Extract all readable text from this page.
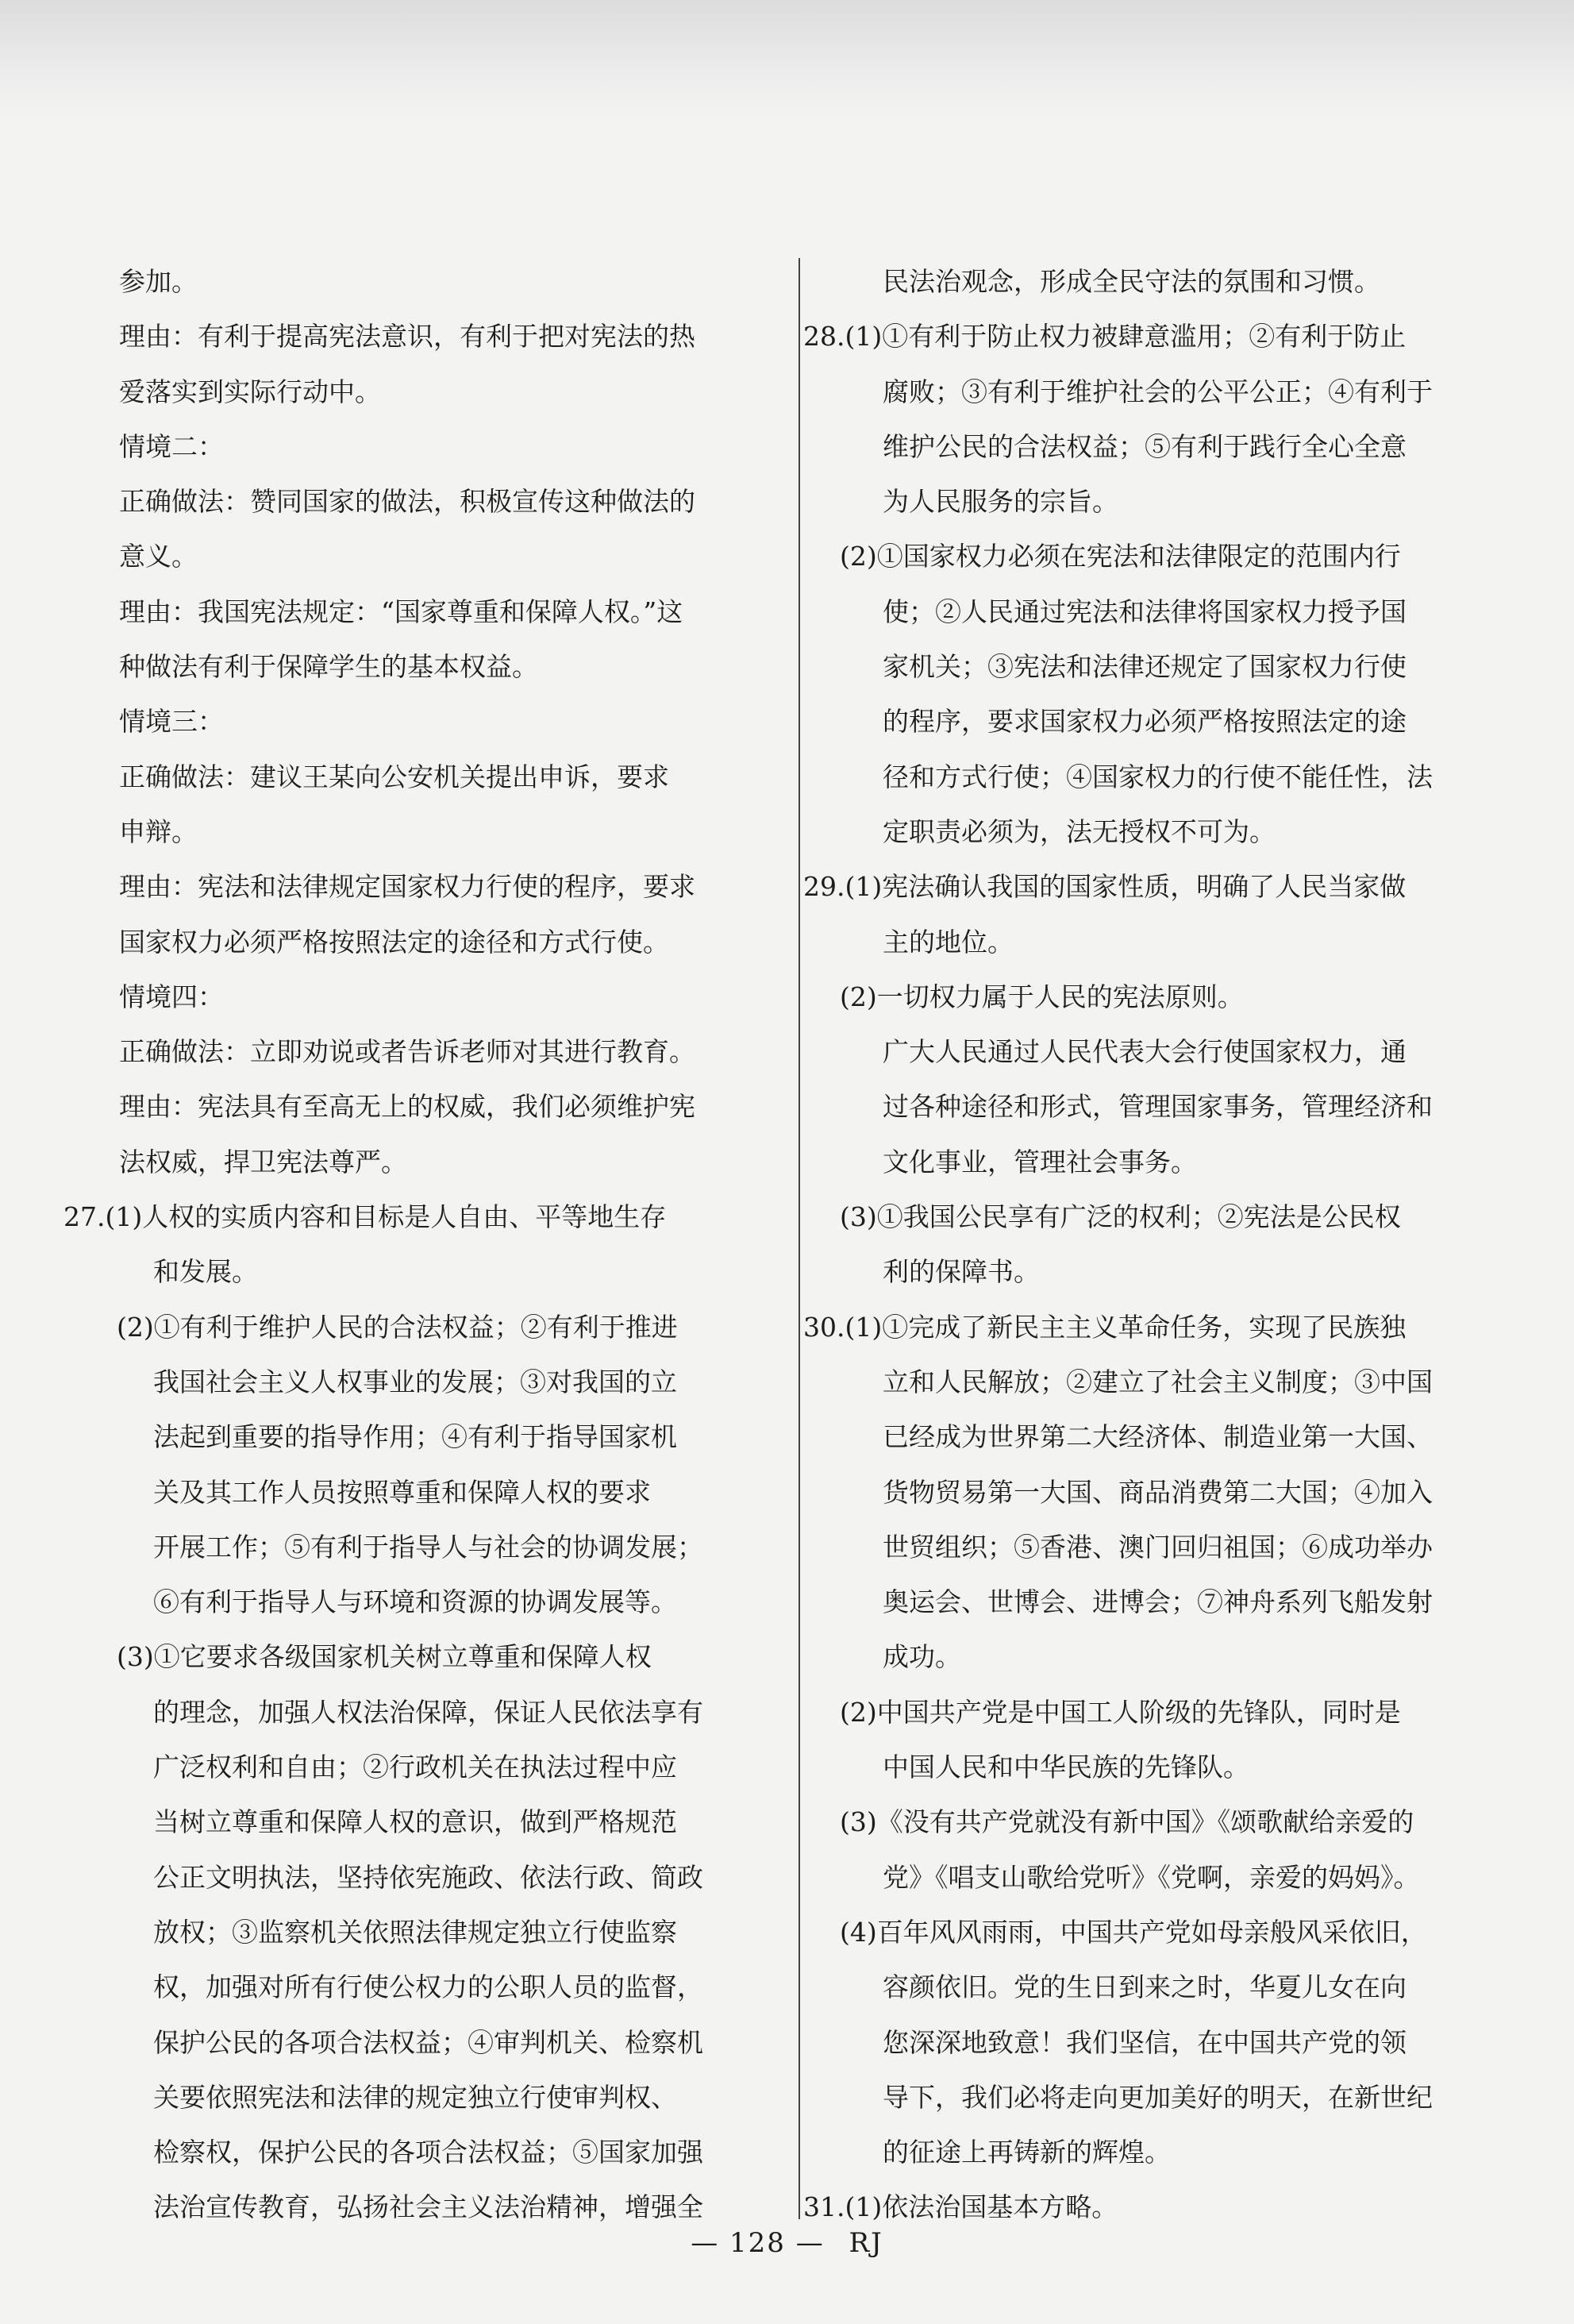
参加。
理由：有利于提高宪法意识，有利于把对宪法的热
爱落实到实际行动中。
情境二：
正确做法：赞同国家的做法，积极宣传这种做法的
意义。
理由：我国宪法规定：“国家尊重和保障人权。”这
种做法有利于保障学生的基本权益。
情境三：
正确做法：建议王某向公安机关提出申诉，要求
申辩。
理由：宪法和法律规定国家权力行使的程序，要求
国家权力必须严格按照法定的途径和方式行使。
情境四：
正确做法：立即劝说或者告诉老师对其进行教育。
理由：宪法具有至高无上的权威，我们必须维护宪
法权威，捍卫宪法尊严。
27.(1)人权的实质内容和目标是人自由、平等地生存
和发展。
(2)①有利于维护人民的合法权益；②有利于推进
我国社会主义人权事业的发展；③对我国的立
法起到重要的指导作用；④有利于指导国家机
关及其工作人员按照尊重和保障人权的要求
开展工作；⑤有利于指导人与社会的协调发展；
⑥有利于指导人与环境和资源的协调发展等。
(3)①它要求各级国家机关树立尊重和保障人权
的理念，加强人权法治保障，保证人民依法享有
广泛权利和自由；②行政机关在执法过程中应
当树立尊重和保障人权的意识，做到严格规范
公正文明执法，坚持依宪施政、依法行政、简政
放权；③监察机关依照法律规定独立行使监察
权，加强对所有行使公权力的公职人员的监督，
保护公民的各项合法权益；④审判机关、检察机
关要依照宪法和法律的规定独立行使审判权、
检察权，保护公民的各项合法权益；⑤国家加强
法治宣传教育，弘扬社会主义法治精神，增强全
民法治观念，形成全民守法的氛围和习惯。
28.(1)①有利于防止权力被肆意滥用；②有利于防止
腐败；③有利于维护社会的公平公正；④有利于
维护公民的合法权益；⑤有利于践行全心全意
为人民服务的宗旨。
(2)①国家权力必须在宪法和法律限定的范围内行
使；②人民通过宪法和法律将国家权力授予国
家机关；③宪法和法律还规定了国家权力行使
的程序，要求国家权力必须严格按照法定的途
径和方式行使；④国家权力的行使不能任性，法
定职责必须为，法无授权不可为。
29.(1)宪法确认我国的国家性质，明确了人民当家做
主的地位。
(2)一切权力属于人民的宪法原则。
广大人民通过人民代表大会行使国家权力，通
过各种途径和形式，管理国家事务，管理经济和
文化事业，管理社会事务。
(3)①我国公民享有广泛的权利；②宪法是公民权
利的保障书。
30.(1)①完成了新民主主义革命任务，实现了民族独
立和人民解放；②建立了社会主义制度；③中国
已经成为世界第二大经济体、制造业第一大国、
货物贸易第一大国、商品消费第二大国；④加入
世贸组织；⑤香港、澳门回归祖国；⑥成功举办
奥运会、世博会、进博会；⑦神舟系列飞船发射
成功。
(2)中国共产党是中国工人阶级的先锋队，同时是
中国人民和中华民族的先锋队。
(3)《没有共产党就没有新中国》《颂歌献给亲爱的
党》《唱支山歌给党听》《党啊，亲爱的妈妈》。
(4)百年风风雨雨，中国共产党如母亲般风采依旧，
容颜依旧。党的生日到来之时，华夏儿女在向
您深深地致意！我们坚信，在中国共产党的领
导下，我们必将走向更加美好的明天，在新世纪
的征途上再铸新的辉煌。
31.(1)依法治国基本方略。
— 128 — RJ
